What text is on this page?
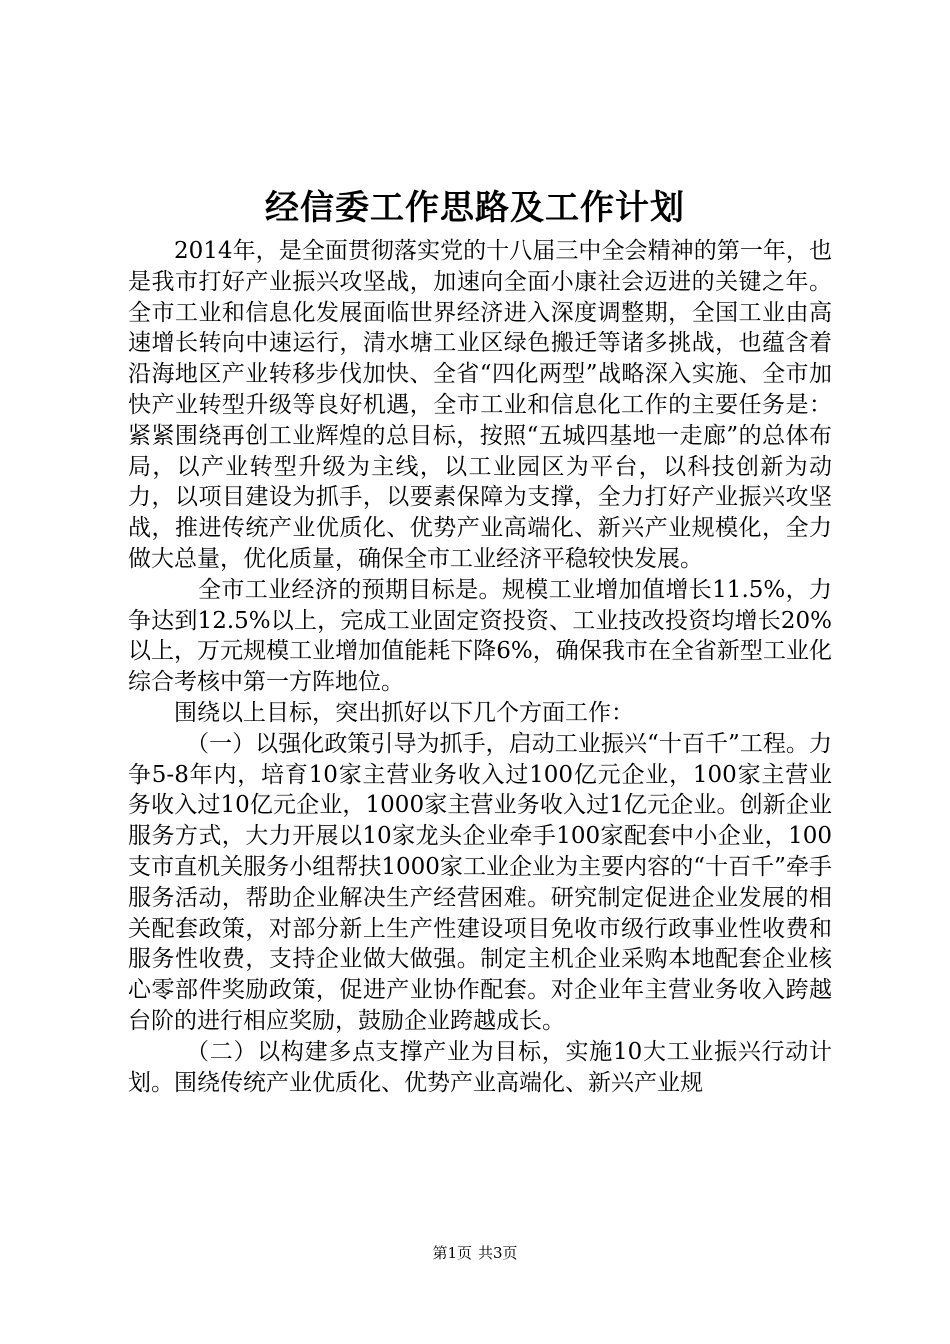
经信委工作思路及工作计划

2014年，是全面贯彻落实党的十八届三中全会精神的第一年，也是我市打好产业振兴攻坚战，加速向全面小康社会迈进的关键之年。全市工业和信息化发展面临世界经济进入深度调整期，全国工业由高速增长转向中速运行，清水塘工业区绿色搬迁等诸多挑战，也蕴含着沿海地区产业转移步伐加快、全省“四化两型”战略深入实施、全市加快产业转型升级等良好机遇，全市工业和信息化工作的主要任务是：紧紧围绕再创工业辉煌的总目标，按照“五城四基地一走廊”的总体布局，以产业转型升级为主线，以工业园区为平台，以科技创新为动力，以项目建设为抓手，以要素保障为支撑，全力打好产业振兴攻坚战，推进传统产业优质化、优势产业高端化、新兴产业规模化，全力做大总量，优化质量，确保全市工业经济平稳较快发展。

全市工业经济的预期目标是。规模工业增加值增长11.5%，力争达到12.5%以上，完成工业固定资投资、工业技改投资均增长20%以上，万元规模工业增加值能耗下降6%，确保我市在全省新型工业化综合考核中第一方阵地位。

围绕以上目标，突出抓好以下几个方面工作：

（一）以强化政策引导为抓手，启动工业振兴“十百千”工程。力争5-8年内，培育10家主营业务收入过100亿元企业，100家主营业务收入过10亿元企业，1000家主营业务收入过1亿元企业。创新企业服务方式，大力开展以10家龙头企业牵手100家配套中小企业，100支市直机关服务小组帮扶1000家工业企业为主要内容的“十百千”牵手服务活动，帮助企业解决生产经营困难。研究制定促进企业发展的相关配套政策，对部分新上生产性建设项目免收市级行政事业性收费和服务性收费，支持企业做大做强。制定主机企业采购本地配套企业核心零部件奖励政策，促进产业协作配套。对企业年主营业务收入跨越台阶的进行相应奖励，鼓励企业跨越成长。

（二）以构建多点支撑产业为目标，实施10大工业振兴行动计划。围绕传统产业优质化、优势产业高端化、新兴产业规

第1页 共3页
